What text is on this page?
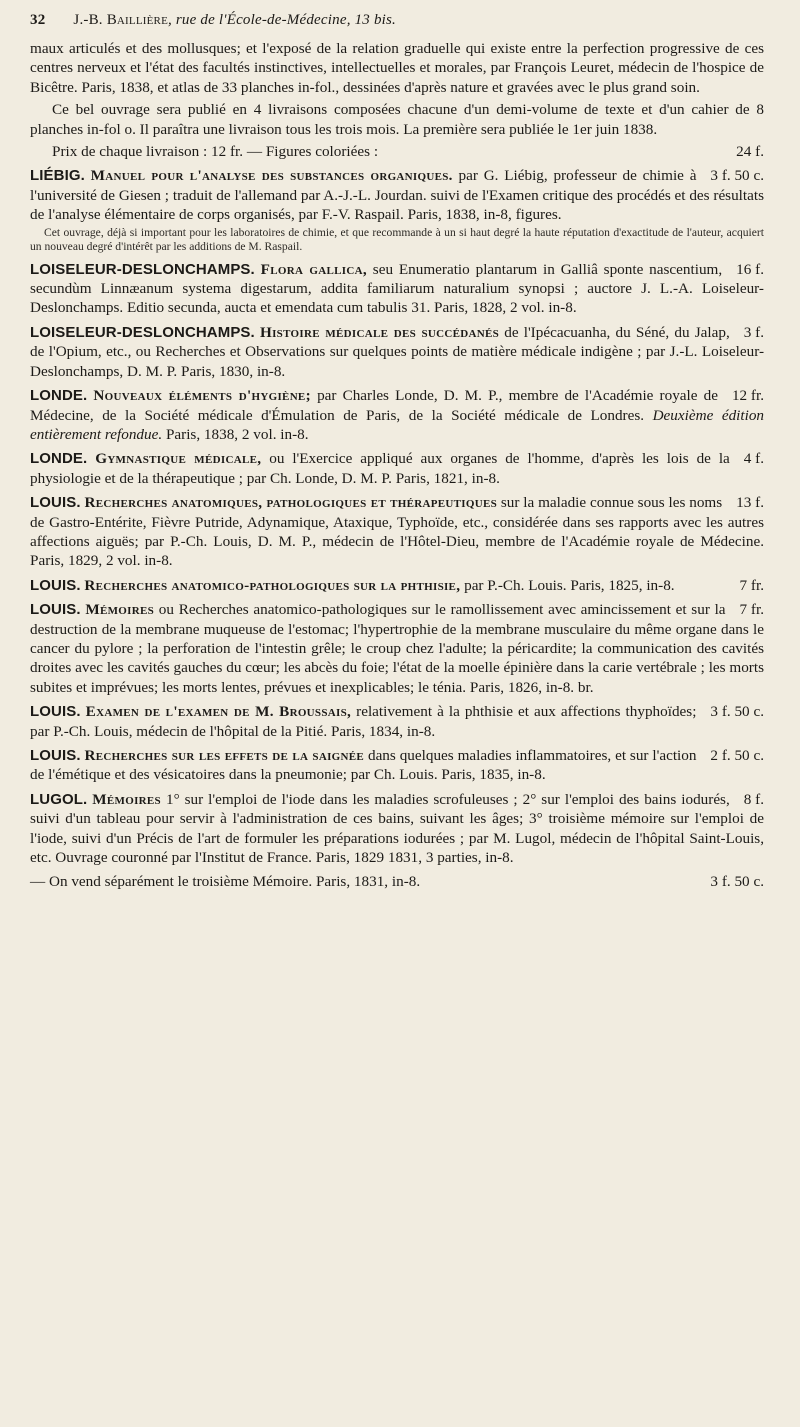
32 J.-B. Baillière, rue de l'École-de-Médecine, 13 bis.

maux articulés et des mollusques; et l'exposé de la relation graduelle qui existe entre la perfection progressive de ces centres nerveux et l'état des facultés instinctives, intellectuelles et morales, par François Leuret, médecin de l'hospice de Bicêtre. Paris, 1838, et atlas de 33 planches in-fol., dessinées d'après nature et gravées avec le plus grand soin.

Ce bel ouvrage sera publié en 4 livraisons composées chacune d'un demi-volume de texte et d'un cahier de 8 planches in-fol o. Il paraîtra une livraison tous les trois mois. La première sera publiée le 1er juin 1838.

24 f.
Prix de chaque livraison : 12 fr. — Figures coloriées :

3 f. 50 c.
LIÉBIG. Manuel pour l'analyse des substances organiques. par G. Liébig, professeur de chimie à l'université de Giesen ; traduit de l'allemand par A.-J.-L. Jourdan. suivi de l'Examen critique des procédés et des résultats de l'analyse élémentaire de corps organisés, par F.-V. Raspail. Paris, 1838, in-8, figures.

Cet ouvrage, déjà si important pour les laboratoires de chimie, et que recommande à un si haut degré la haute réputation d'exactitude de l'auteur, acquiert un nouveau degré d'intérêt par les additions de M. Raspail.

16 f.
LOISELEUR-DESLONCHAMPS. Flora gallica, seu Enumeratio plantarum in Galliâ sponte nascentium, secundùm Linnæanum systema digestarum, addita familiarum naturalium synopsi ; auctore J. L.-A. Loiseleur-Deslonchamps. Editio secunda, aucta et emendata cum tabulis 31. Paris, 1828, 2 vol. in-8.

3 f.
LOISELEUR-DESLONCHAMPS. Histoire médicale des succédanés de l'Ipécacuanha, du Séné, du Jalap, de l'Opium, etc., ou Recherches et Observations sur quelques points de matière médicale indigène ; par J.-L. Loiseleur-Deslonchamps, D. M. P. Paris, 1830, in-8.

12 fr.
LONDE. Nouveaux éléments d'hygiène; par Charles Londe, D. M. P., membre de l'Académie royale de Médecine, de la Société médicale d'Émulation de Paris, de la Société médicale de Londres. Deuxième édition entièrement refondue. Paris, 1838, 2 vol. in-8.

4 f.
LONDE. Gymnastique médicale, ou l'Exercice appliqué aux organes de l'homme, d'après les lois de la physiologie et de la thérapeutique ; par Ch. Londe, D. M. P. Paris, 1821, in-8.

13 f.
LOUIS. Recherches anatomiques, pathologiques et thérapeutiques sur la maladie connue sous les noms de Gastro-Entérite, Fièvre Putride, Adynamique, Ataxique, Typhoïde, etc., considérée dans ses rapports avec les autres affections aiguës; par P.-Ch. Louis, D. M. P., médecin de l'Hôtel-Dieu, membre de l'Académie royale de Médecine. Paris, 1829, 2 vol. in-8.

7 fr.
LOUIS. Recherches anatomico-pathologiques sur la phthisie, par P.-Ch. Louis. Paris, 1825, in-8.

7 fr.
LOUIS. Mémoires ou Recherches anatomico-pathologiques sur le ramollissement avec amincissement et sur la destruction de la membrane muqueuse de l'estomac; l'hypertrophie de la membrane musculaire du même organe dans le cancer du pylore ; la perforation de l'intestin grêle; le croup chez l'adulte; la péricardite; la communication des cavités droites avec les cavités gauches du cœur; les abcès du foie; l'état de la moelle épinière dans la carie vertébrale ; les morts subites et imprévues; les morts lentes, prévues et inexplicables; le ténia. Paris, 1826, in-8. br.

3 f. 50 c.
LOUIS. Examen de l'examen de M. Broussais, relativement à la phthisie et aux affections thyphoïdes; par P.-Ch. Louis, médecin de l'hôpital de la Pitié. Paris, 1834, in-8.

2 f. 50 c.
LOUIS. Recherches sur les effets de la saignée dans quelques maladies inflammatoires, et sur l'action de l'émétique et des vésicatoires dans la pneumonie; par Ch. Louis. Paris, 1835, in-8.

8 f.
LUGOL. Mémoires 1° sur l'emploi de l'iode dans les maladies scrofuleuses ; 2° sur l'emploi des bains iodurés, suivi d'un tableau pour servir à l'administration de ces bains, suivant les âges; 3° troisième mémoire sur l'emploi de l'iode, suivi d'un Précis de l'art de formuler les préparations iodurées ; par M. Lugol, médecin de l'hôpital Saint-Louis, etc. Ouvrage couronné par l'Institut de France. Paris, 1829 1831, 3 parties, in-8.

3 f. 50 c.
— On vend séparément le troisième Mémoire. Paris, 1831, in-8.
